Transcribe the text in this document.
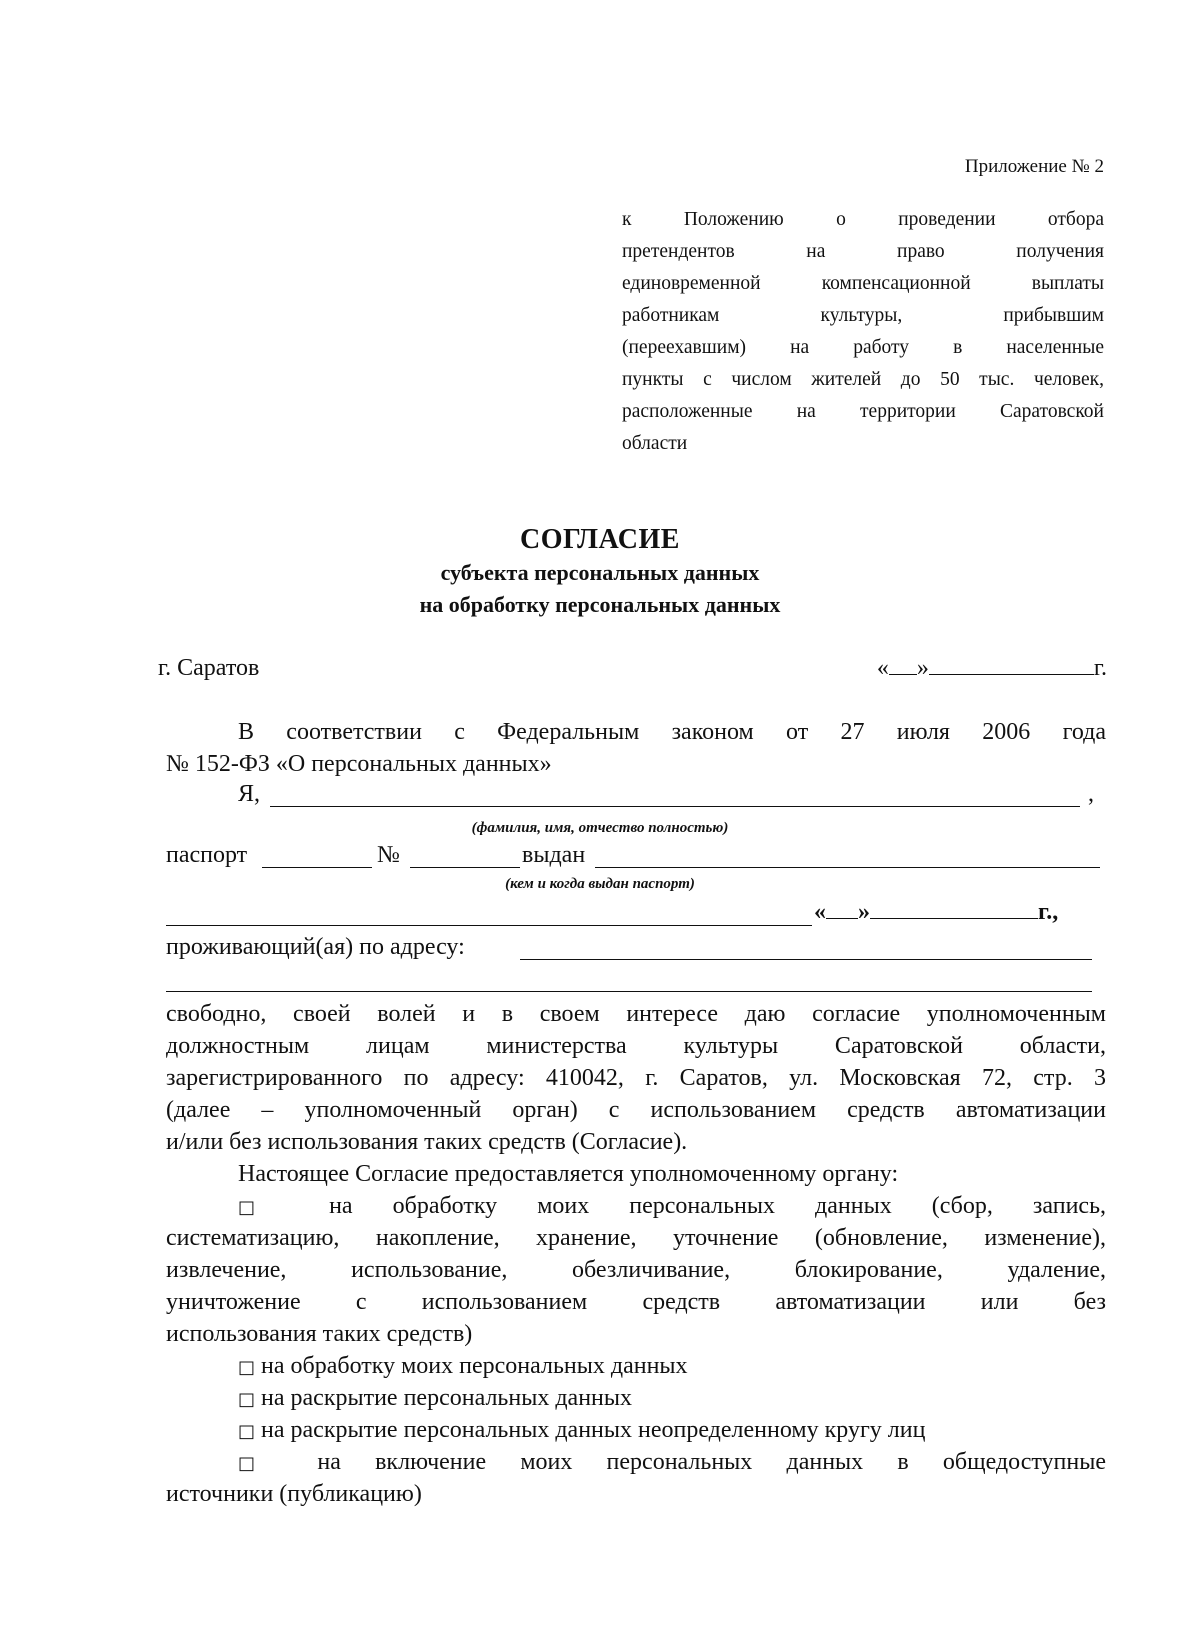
Приложение № 2
к Положению о проведении отбора
претендентов на право получения
единовременной компенсационной выплаты
работникам культуры, прибывшим
(переехавшим) на работу в населенные
пункты с числом жителей до 50 тыс. человек,
расположенные на территории Саратовской
области
СОГЛАСИЕ
субъекта персональных данных
на обработку персональных данных
г. Саратов	« »	г.
В соответствии с Федеральным законом от 27 июля 2006 года
№ 152-ФЗ «О персональных данных»
Я,	,
(фамилия, имя, отчество полностью)
паспорт	№	выдан
(кем и когда выдан паспорт)
« »	г.,
проживающий(ая) по адресу:
свободно, своей волей и в своем интересе даю согласие уполномоченным
должностным лицам министерства культуры Саратовской области,
зарегистрированного по адресу: 410042, г. Саратов, ул. Московская 72, стр. 3
(далее – уполномоченный орган) с использованием средств автоматизации
и/или без использования таких средств (Согласие).
Настоящее Согласие предоставляется уполномоченному органу:
□ на обработку моих персональных данных (сбор, запись,
систематизацию, накопление, хранение, уточнение (обновление, изменение),
извлечение, использование, обезличивание, блокирование, удаление,
уничтожение с использованием средств автоматизации или без
использования таких средств)
□ на обработку моих персональных данных
□ на раскрытие персональных данных
□ на раскрытие персональных данных неопределенному кругу лиц
□ на включение моих персональных данных в общедоступные
источники (публикацию)
